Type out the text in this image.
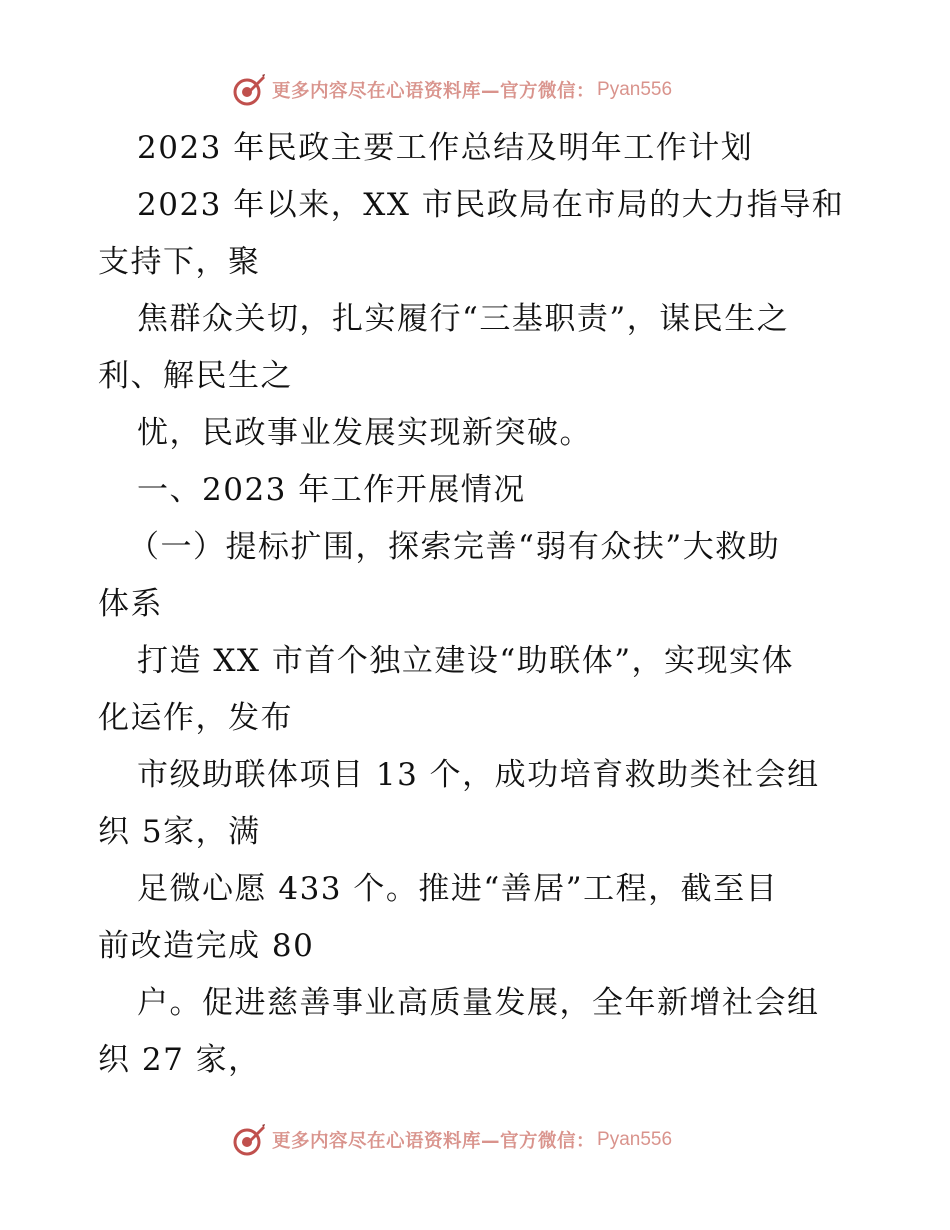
更多内容尽在心语资料库—官方微信： Pyan556
2023 年民政主要工作总结及明年工作计划
2023 年以来，XX 市民政局在市局的大力指导和
支持下，聚
焦群众关切，扎实履行“三基职责”，谋民生之
利、解民生之
忧，民政事业发展实现新突破。
一、2023 年工作开展情况
（一）提标扩围，探索完善“弱有众扶”大救助
体系
打造 XX 市首个独立建设“助联体”，实现实体
化运作，发布
市级助联体项目 13 个，成功培育救助类社会组
织 5家，满
足微心愿 433 个。推进“善居”工程，截至目
前改造完成 80
户。促进慈善事业高质量发展，全年新增社会组
织 27 家，
更多内容尽在心语资料库—官方微信： Pyan556
